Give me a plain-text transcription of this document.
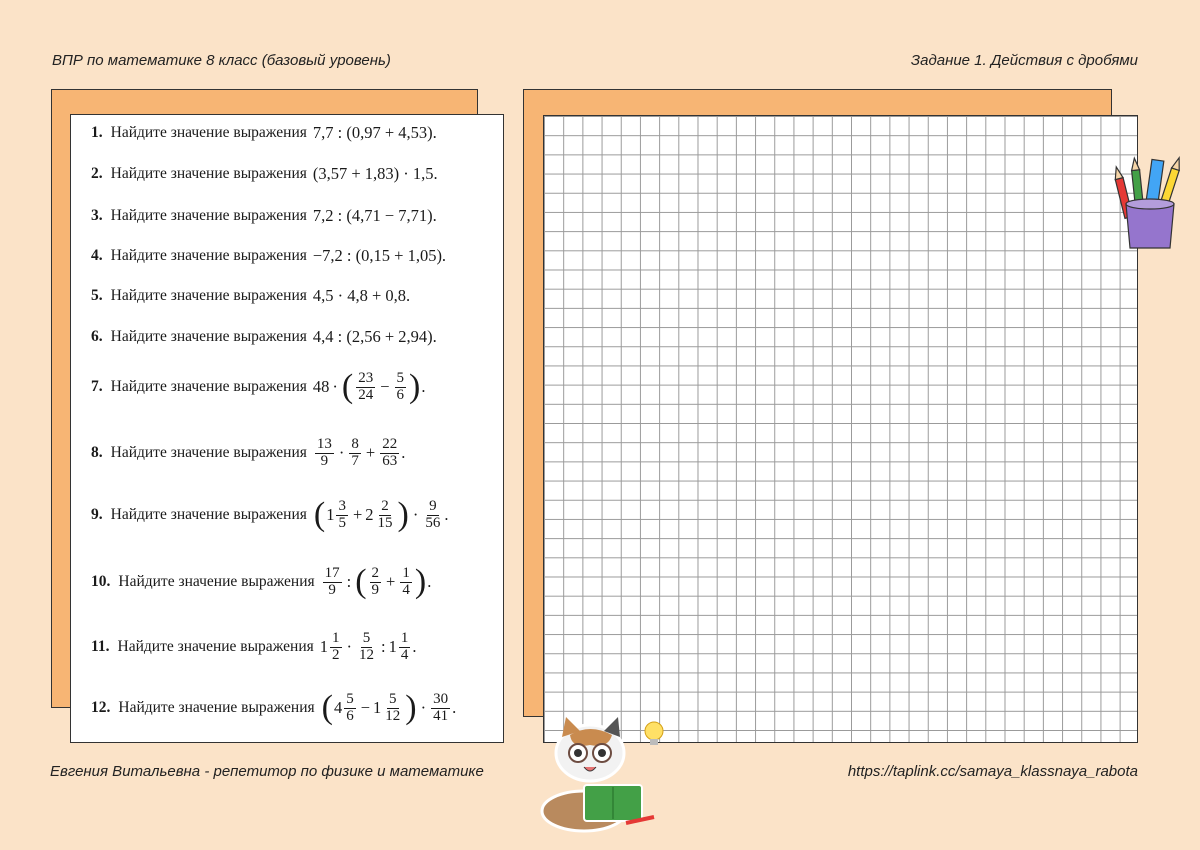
ВПР по математике 8 класс (базовый уровень)	Задание 1. Действия с дробями
1. Найдите значение выражения 7,7 : (0,97 + 4,53).
2. Найдите значение выражения (3,57 + 1,83) · 1,5.
3. Найдите значение выражения 7,2 : (4,71 − 7,71).
4. Найдите значение выражения −7,2 : (0,15 + 1,05).
5. Найдите значение выражения 4,5 · 4,8 + 0,8.
6. Найдите значение выражения 4,4 : (2,56 + 2,94).
7. Найдите значение выражения 48 · ( $\frac{23}{24} - \frac{5}{6}$ ) .
8. Найдите значение выражения $\frac{13}{9} \cdot \frac{8}{7} + \frac{22}{63}$ .
9. Найдите значение выражения ( $1 \frac{3}{5} + 2 \frac{2}{15}$ ) · $\frac{9}{56}$ .
10. Найдите значение выражения $\frac{17}{9}$ : ( $\frac{2}{9} + \frac{1}{4}$ ) .
11. Найдите значение выражения $1 \frac{1}{2} \cdot \frac{5}{12}$ : $1 \frac{1}{4}$ .
12. Найдите значение выражения ( $4 \frac{5}{6} - 1 \frac{5}{12}$ ) · $\frac{30}{41}$ .
Евгения Витальевна - репетитор по физике и математике	https://taplink.cc/samaya_klassnaya_rabota
